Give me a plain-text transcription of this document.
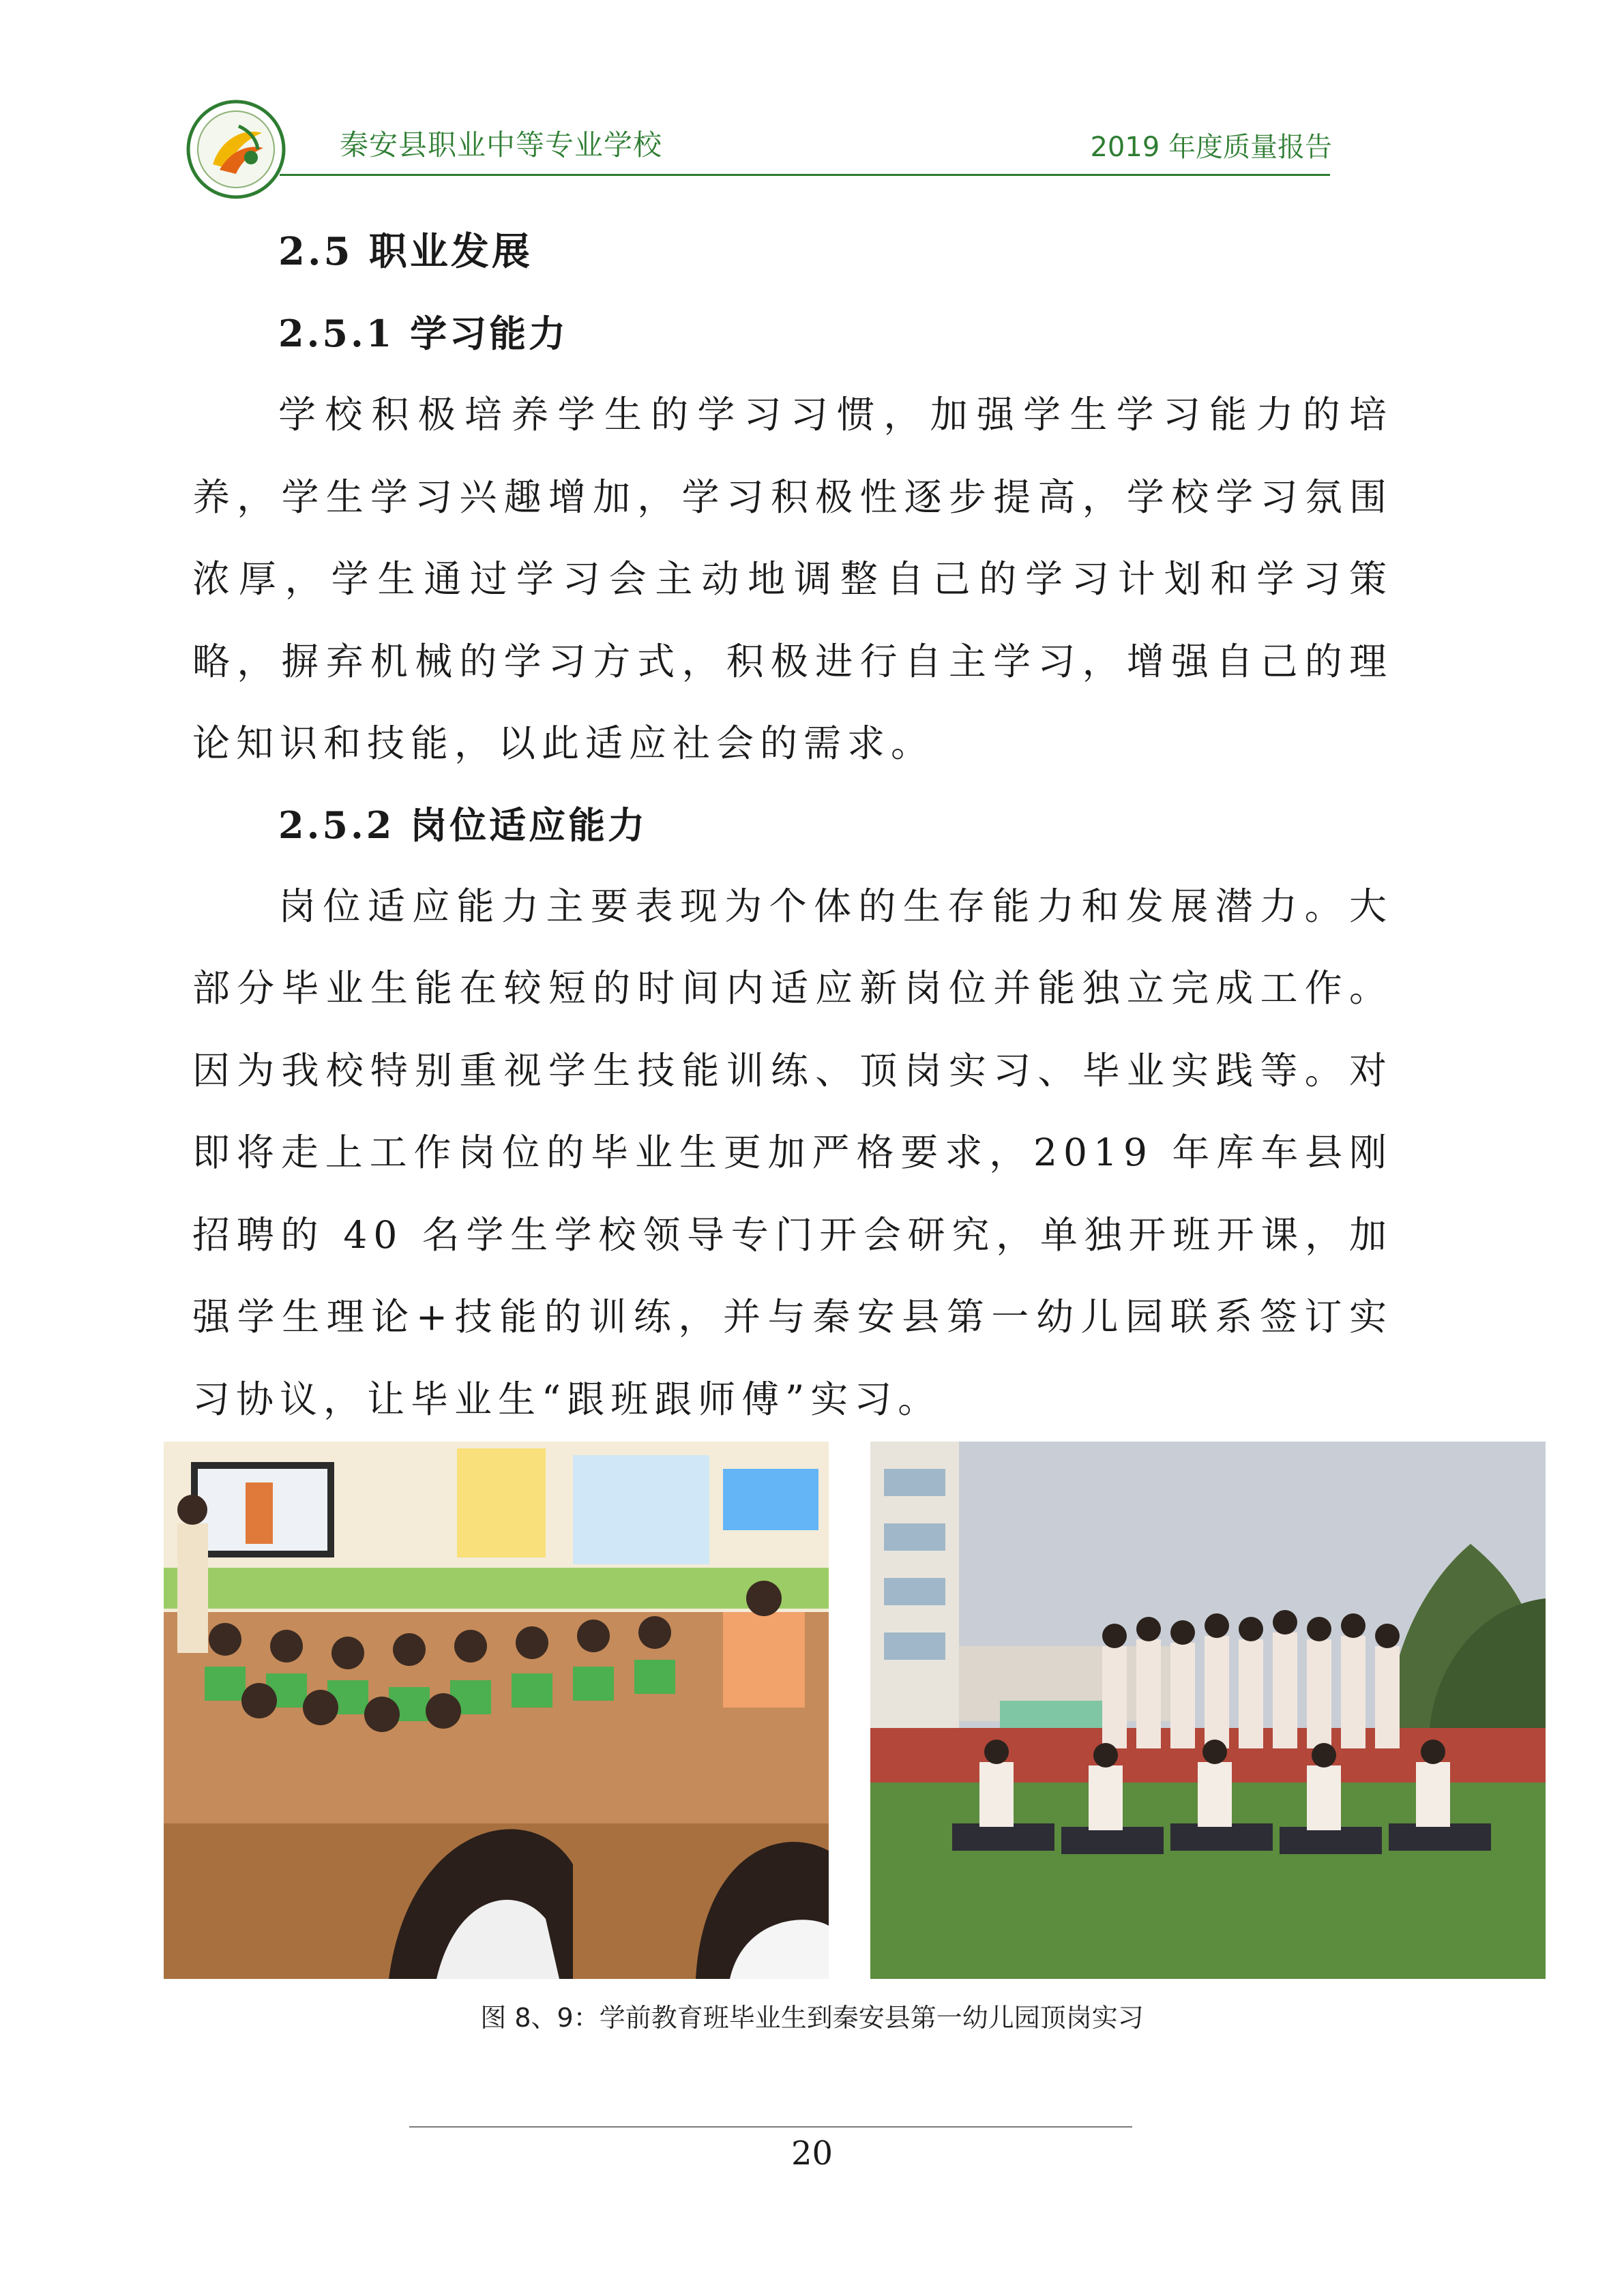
秦安县职业中等专业学校	2019 年度质量报告
2.5 职业发展
2.5.1 学习能力

学校积极培养学生的学习习惯，加强学生学习能力的培养，学生学习兴趣增加，学习积极性逐步提高，学校学习氛围浓厚，学生通过学习会主动地调整自己的学习计划和学习策略，摒弃机械的学习方式，积极进行自主学习，增强自己的理论知识和技能，以此适应社会的需求。

2.5.2 岗位适应能力

岗位适应能力主要表现为个体的生存能力和发展潜力。大部分毕业生能在较短的时间内适应新岗位并能独立完成工作。因为我校特别重视学生技能训练、顶岗实习、毕业实践等。对即将走上工作岗位的毕业生更加严格要求，2019 年库车县刚招聘的 40 名学生学校领导专门开会研究，单独开班开课，加强学生理论+技能的训练，并与秦安县第一幼儿园联系签订实习协议，让毕业生“跟班跟师傅”实习。

图 8、9：学前教育班毕业生到秦安县第一幼儿园顶岗实习
20
